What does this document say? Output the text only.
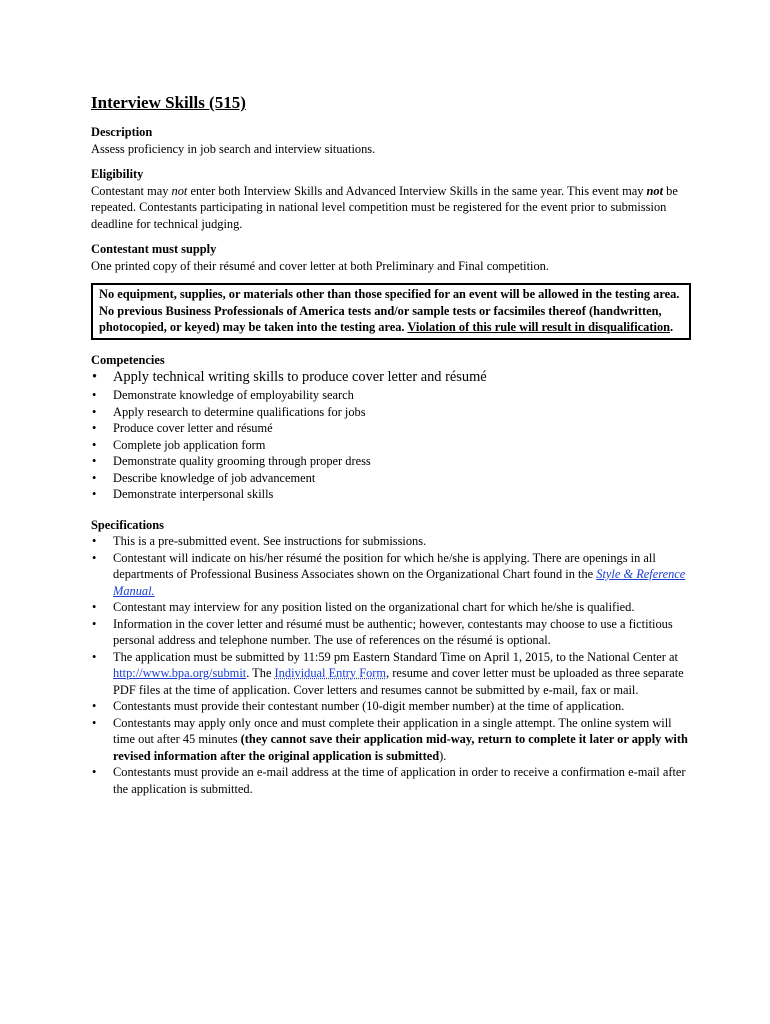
Interview Skills (515)
Description

Assess proficiency in job search and interview situations.

Eligibility

Contestant may not enter both Interview Skills and Advanced Interview Skills in the same year. This event may not be repeated. Contestants participating in national level competition must be registered for the event prior to submission deadline for technical judging.

Contestant must supply

One printed copy of their résumé and cover letter at both Preliminary and Final competition.

No equipment, supplies, or materials other than those specified for an event will be allowed in the testing area.

No previous Business Professionals of America tests and/or sample tests or facsimiles thereof (handwritten, photocopied, or keyed) may be taken into the testing area. Violation of this rule will result in disqualification.

Competencies
• Apply technical writing skills to produce cover letter and résumé
• Demonstrate knowledge of employability search
• Apply research to determine qualifications for jobs
• Produce cover letter and résumé
• Complete job application form
• Demonstrate quality grooming through proper dress
• Describe knowledge of job advancement
• Demonstrate interpersonal skills
Specifications
• This is a pre-submitted event. See instructions for submissions.
• Contestant will indicate on his/her résumé the position for which he/she is applying. There are openings in all departments of Professional Business Associates shown on the Organizational Chart found in the Style & Reference Manual.
• Contestant may interview for any position listed on the organizational chart for which he/she is qualified.
• Information in the cover letter and résumé must be authentic; however, contestants may choose to use a fictitious personal address and telephone number. The use of references on the résumé is optional.
• The application must be submitted by 11:59 pm Eastern Standard Time on April 1, 2015, to the National Center at http://www.bpa.org/submit. The Individual Entry Form, resume and cover letter must be uploaded as three separate PDF files at the time of application. Cover letters and resumes cannot be submitted by e-mail, fax or mail.
• Contestants must provide their contestant number (10-digit member number) at the time of application.
• Contestants may apply only once and must complete their application in a single attempt. The online system will time out after 45 minutes (they cannot save their application mid-way, return to complete it later or apply with revised information after the original application is submitted).
• Contestants must provide an e-mail address at the time of application in order to receive a confirmation e-mail after the application is submitted.
